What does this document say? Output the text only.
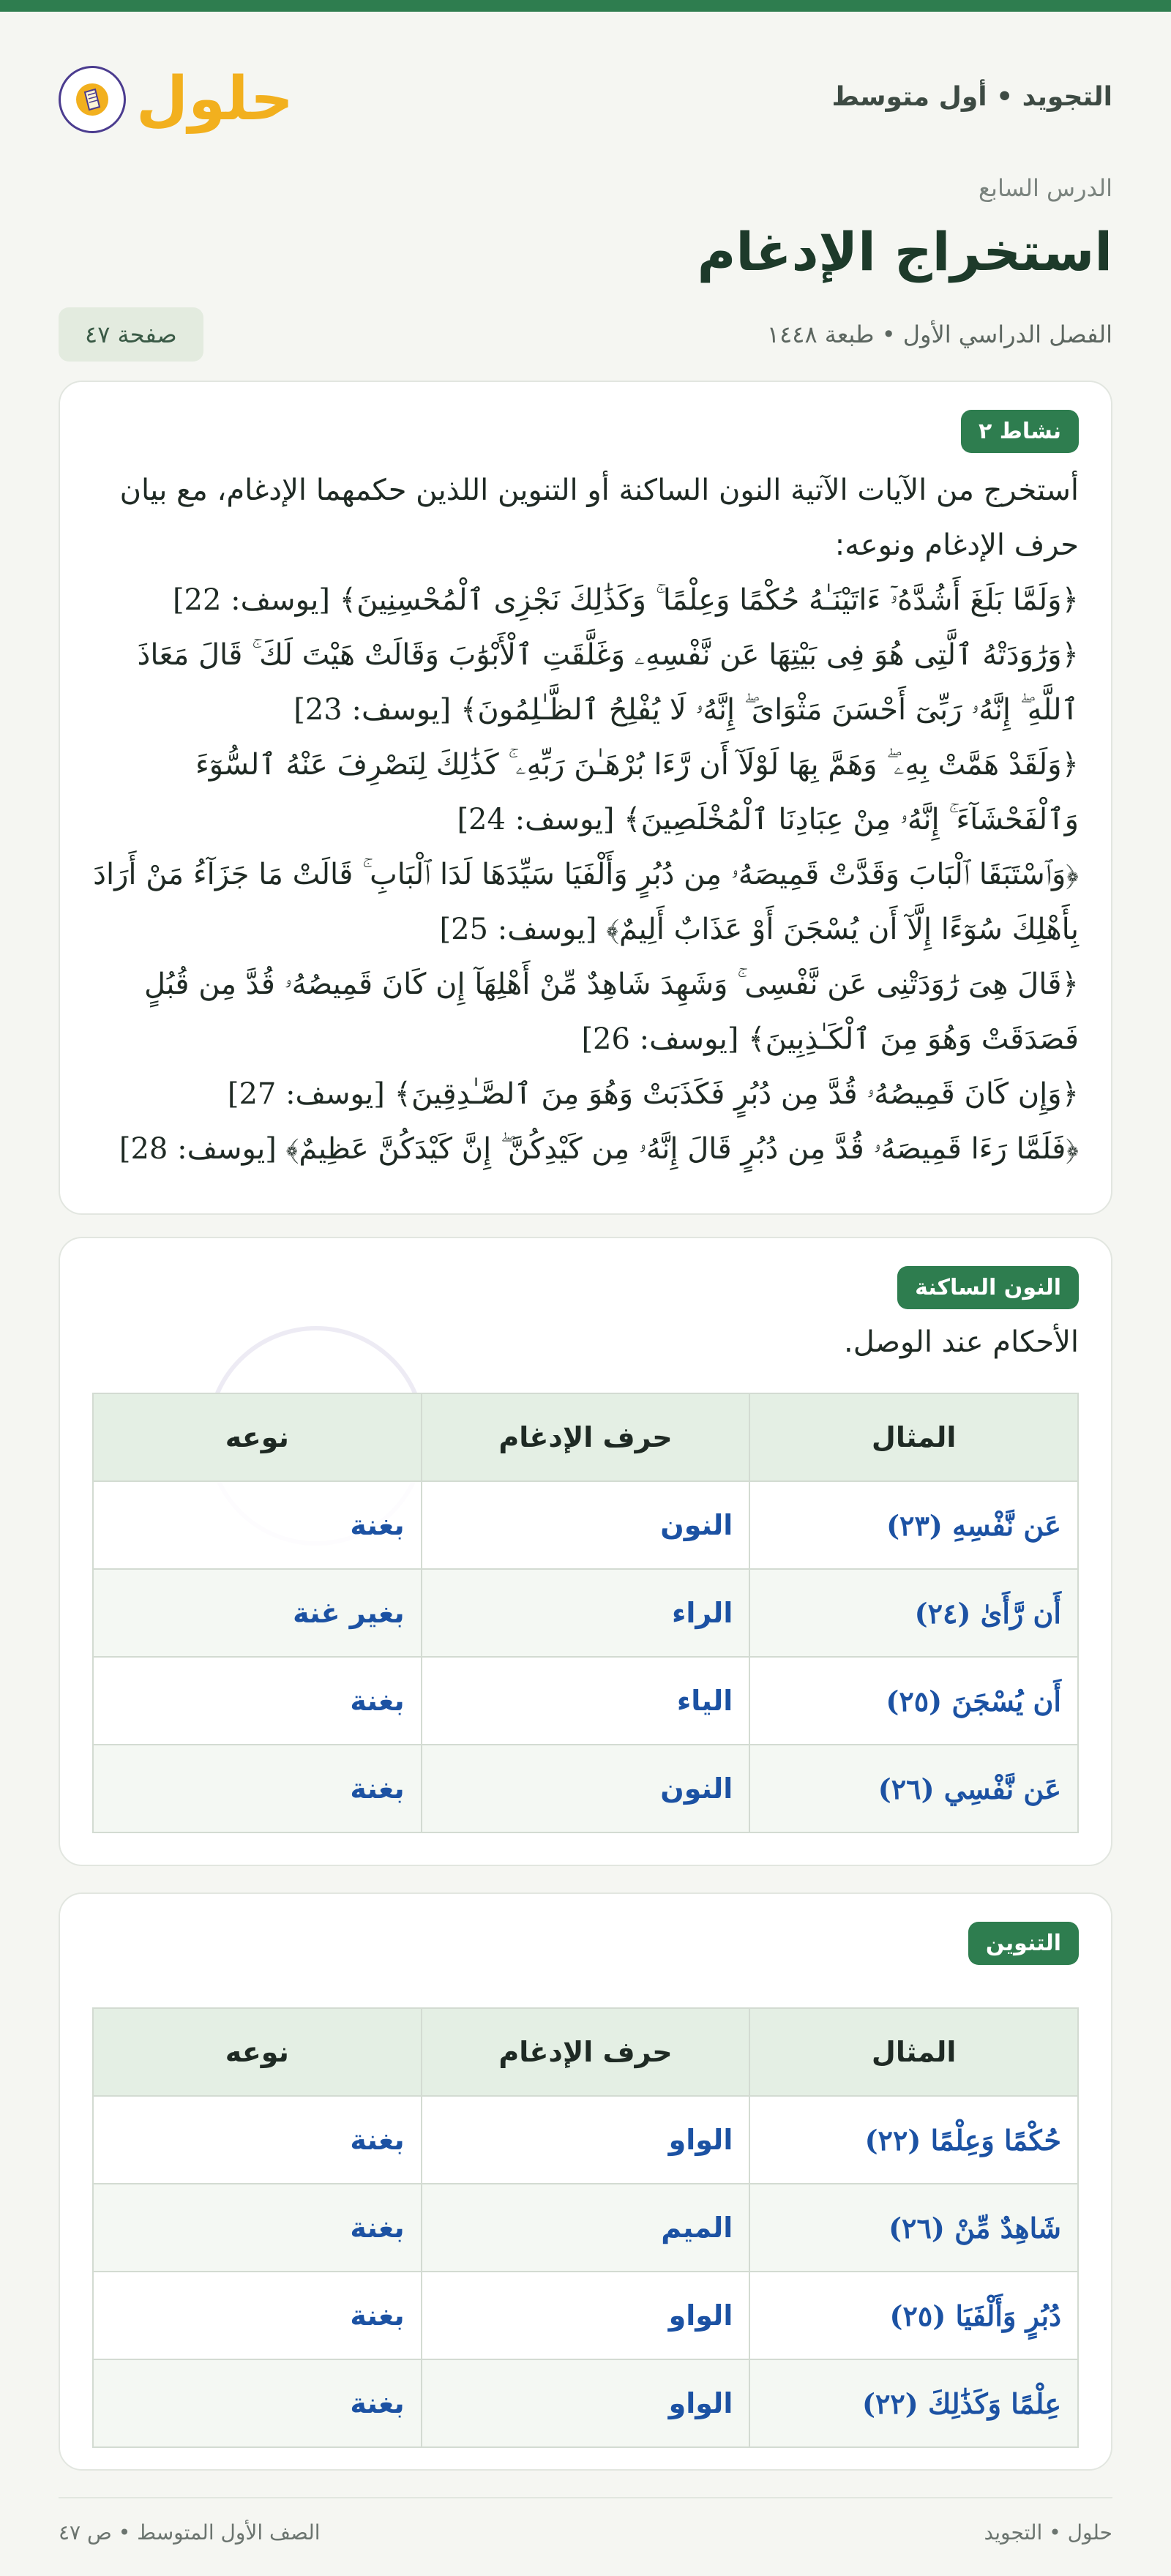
التجويد • أول متوسط
حلول
الدرس السابع
استخراج الإدغام
الفصل الدراسي الأول • طبعة ١٤٤٨
صفحة ٤٧
نشاط ٢

أستخرج من الآيات الآتية النون الساكنة أو التنوين اللذين حكمهما الإدغام، مع بيان حرف الإدغام ونوعه:

﴿وَلَمَّا بَلَغَ أَشُدَّهُۥٓ ءَاتَيْنَـٰهُ حُكْمًا وَعِلْمًا ۚ وَكَذَٰلِكَ نَجْزِى ٱلْمُحْسِنِينَ﴾ [يوسف: 22]

﴿وَرَٰوَدَتْهُ ٱلَّتِى هُوَ فِى بَيْتِهَا عَن نَّفْسِهِۦ وَغَلَّقَتِ ٱلْأَبْوَٰبَ وَقَالَتْ هَيْتَ لَكَ ۚ قَالَ مَعَاذَ ٱللَّهِ ۖ إِنَّهُۥ رَبِّىٓ أَحْسَنَ مَثْوَاىَ ۖ إِنَّهُۥ لَا يُفْلِحُ ٱلظَّـٰلِمُونَ﴾ [يوسف: 23]

﴿وَلَقَدْ هَمَّتْ بِهِۦ ۖ وَهَمَّ بِهَا لَوْلَآ أَن رَّءَا بُرْهَـٰنَ رَبِّهِۦ ۚ كَذَٰلِكَ لِنَصْرِفَ عَنْهُ ٱلسُّوٓءَ وَٱلْفَحْشَآءَ ۚ إِنَّهُۥ مِنْ عِبَادِنَا ٱلْمُخْلَصِينَ﴾ [يوسف: 24]

﴿وَٱسْتَبَقَا ٱلْبَابَ وَقَدَّتْ قَمِيصَهُۥ مِن دُبُرٍ وَأَلْفَيَا سَيِّدَهَا لَدَا ٱلْبَابِ ۚ قَالَتْ مَا جَزَآءُ مَنْ أَرَادَ بِأَهْلِكَ سُوٓءًا إِلَّآ أَن يُسْجَنَ أَوْ عَذَابٌ أَلِيمٌ﴾ [يوسف: 25]

﴿قَالَ هِىَ رَٰوَدَتْنِى عَن نَّفْسِى ۚ وَشَهِدَ شَاهِدٌ مِّنْ أَهْلِهَآ إِن كَانَ قَمِيصُهُۥ قُدَّ مِن قُبُلٍ فَصَدَقَتْ وَهُوَ مِنَ ٱلْكَـٰذِبِينَ﴾ [يوسف: 26]

﴿وَإِن كَانَ قَمِيصُهُۥ قُدَّ مِن دُبُرٍ فَكَذَبَتْ وَهُوَ مِنَ ٱلصَّـٰدِقِينَ﴾ [يوسف: 27]

﴿فَلَمَّا رَءَا قَمِيصَهُۥ قُدَّ مِن دُبُرٍ قَالَ إِنَّهُۥ مِن كَيْدِكُنَّ ۖ إِنَّ كَيْدَكُنَّ عَظِيمٌ﴾ [يوسف: 28]

النون الساكنة

الأحكام عند الوصل.

المثال	حرف الإدغام	نوعه
عَن نَّفْسِهِ (٢٣)	النون	بغنة
أَن رَّأَىٰ (٢٤)	الراء	بغير غنة
أَن يُسْجَنَ (٢٥)	الياء	بغنة
عَن نَّفْسِي (٢٦)	النون	بغنة
التنوين
المثال	حرف الإدغام	نوعه
حُكْمًا وَعِلْمًا (٢٢)	الواو	بغنة
شَاهِدٌ مِّنْ (٢٦)	الميم	بغنة
دُبُرٍ وَأَلْفَيَا (٢٥)	الواو	بغنة
عِلْمًا وَكَذَٰلِكَ (٢٢)	الواو	بغنة
حلول • التجويد
الصف الأول المتوسط • ص ٤٧
